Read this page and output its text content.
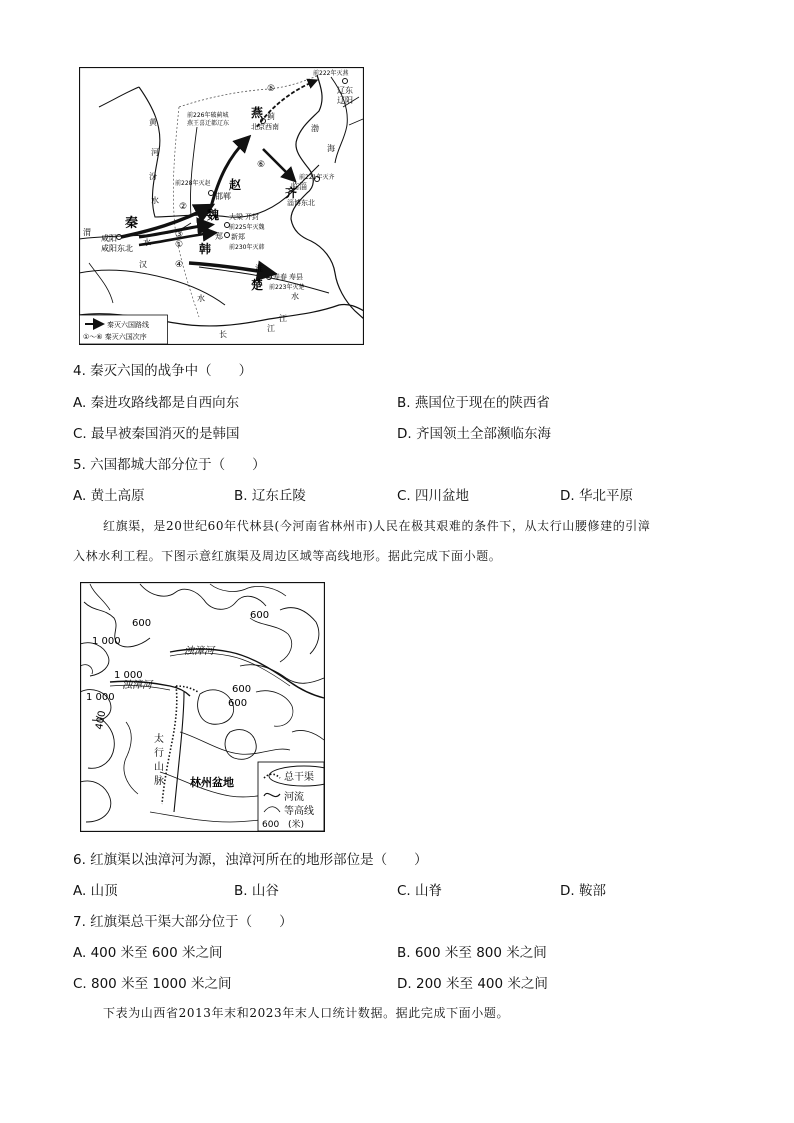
秦
燕
赵
齐
魏
韩
楚
咸阳
咸阳东北
蓟
北京西南
邯郸
临淄
淄博东北
大梁 开封
郑 新郑
寿春 寿县
辽东
辽阳
前222年灭燕
前226年破蓟城
燕王喜迁都辽东
前228年灭赵
前221年灭齐
前225年灭魏
前230年灭韩
前223年灭楚
黄
河
汾
水
渭
水
汉
水
淮
水
长
江
江
渤
海
①
②
③
④
⑤
⑥
秦灭六国路线
①～⑥ 秦灭六国次序
4. 秦灭六国的战争中（　　）
A. 秦进攻路线都是自西向东	B. 燕国位于现在的陕西省
C. 最早被秦国消灭的是韩国	D. 齐国领土全部濒临东海
5. 六国都城大部分位于（　　）
A. 黄土高原	B. 辽东丘陵	C. 四川盆地	D. 华北平原
红旗渠，是20世纪60年代林县(今河南省林州市)人民在极其艰难的条件下，从太行山腰修建的引漳
入林水利工程。下图示意红旗渠及周边区域等高线地形。据此完成下面小题。
600
600
600
600
1 000
1 000
1 000
400
浊漳河
浊漳河
太
行
山
脉 林州盆地	总干渠
河流
等高线
(米)
600
6. 红旗渠以浊漳河为源，浊漳河所在的地形部位是（　　）
A. 山顶	B. 山谷	C. 山脊	D. 鞍部
7. 红旗渠总干渠大部分位于（　　）
A. 400 米至 600 米之间	B. 600 米至 800 米之间
C. 800 米至 1000 米之间	D. 200 米至 400 米之间
下表为山西省2013年末和2023年末人口统计数据。据此完成下面小题。
